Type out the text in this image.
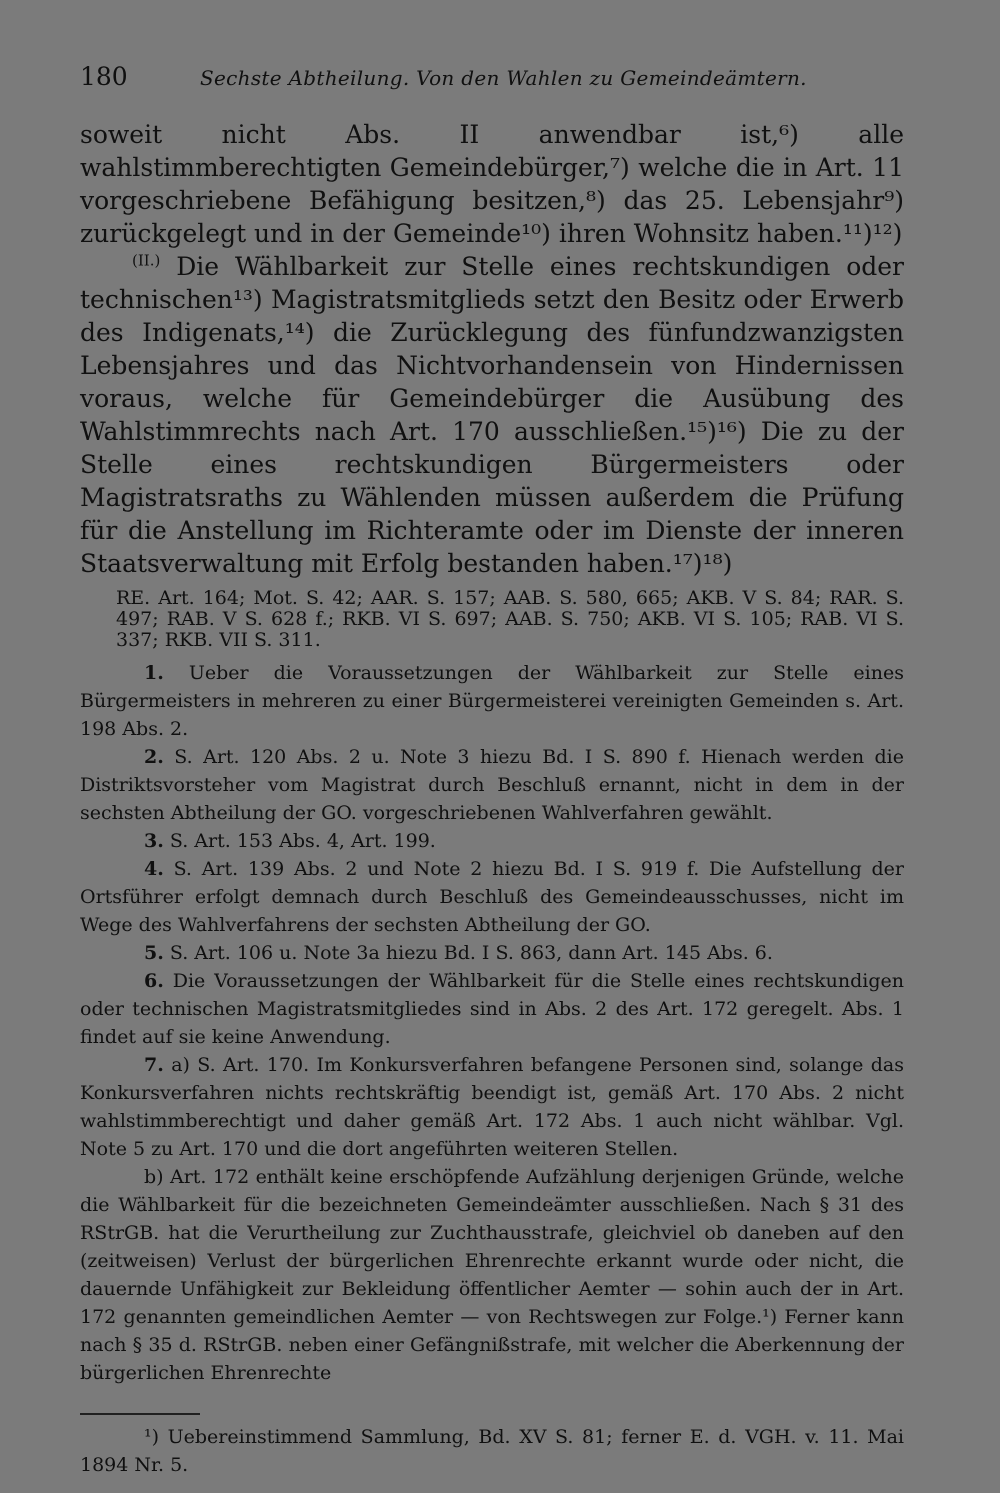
180	Sechste Abtheilung. Von den Wahlen zu Gemeindeämtern.

soweit nicht Abs. II anwendbar ist,⁶) alle wahlstimmberechtigten Gemeindebürger,⁷) welche die in Art. 11 vorgeschriebene Befähigung besitzen,⁸) das 25. Lebensjahr⁹) zurückgelegt und in der Gemeinde¹⁰) ihren Wohnsitz haben.¹¹)¹²)

$^{(II.)}$ Die Wählbarkeit zur Stelle eines rechtskundigen oder technischen¹³) Magistratsmitglieds setzt den Besitz oder Erwerb des Indigenats,¹⁴) die Zurücklegung des fünfundzwanzigsten Lebensjahres und das Nichtvorhandensein von Hindernissen voraus, welche für Gemeindebürger die Ausübung des Wahlstimmrechts nach Art. 170 ausschließen.¹⁵)¹⁶) Die zu der Stelle eines rechtskundigen Bürgermeisters oder Magistratsraths zu Wählenden müssen außerdem die Prüfung für die Anstellung im Richteramte oder im Dienste der inneren Staatsverwaltung mit Erfolg bestanden haben.¹⁷)¹⁸)

RE. Art. 164; Mot. S. 42; AAR. S. 157; AAB. S. 580, 665; AKB. V S. 84; RAR. S. 497; RAB. V S. 628 f.; RKB. VI S. 697; AAB. S. 750; AKB. VI S. 105; RAB. VI S. 337; RKB. VII S. 311.

1. Ueber die Voraussetzungen der Wählbarkeit zur Stelle eines Bürgermeisters in mehreren zu einer Bürgermeisterei vereinigten Gemeinden s. Art. 198 Abs. 2.

2. S. Art. 120 Abs. 2 u. Note 3 hiezu Bd. I S. 890 f. Hienach werden die Distriktsvorsteher vom Magistrat durch Beschluß ernannt, nicht in dem in der sechsten Abtheilung der GO. vorgeschriebenen Wahlverfahren gewählt.

3. S. Art. 153 Abs. 4, Art. 199.

4. S. Art. 139 Abs. 2 und Note 2 hiezu Bd. I S. 919 f. Die Aufstellung der Ortsführer erfolgt demnach durch Beschluß des Gemeindeausschusses, nicht im Wege des Wahlverfahrens der sechsten Abtheilung der GO.

5. S. Art. 106 u. Note 3a hiezu Bd. I S. 863, dann Art. 145 Abs. 6.

6. Die Voraussetzungen der Wählbarkeit für die Stelle eines rechtskundigen oder technischen Magistratsmitgliedes sind in Abs. 2 des Art. 172 geregelt. Abs. 1 findet auf sie keine Anwendung.

7. a) S. Art. 170. Im Konkursverfahren befangene Personen sind, solange das Konkursverfahren nichts rechtskräftig beendigt ist, gemäß Art. 170 Abs. 2 nicht wahlstimmberechtigt und daher gemäß Art. 172 Abs. 1 auch nicht wählbar. Vgl. Note 5 zu Art. 170 und die dort angeführten weiteren Stellen.

b) Art. 172 enthält keine erschöpfende Aufzählung derjenigen Gründe, welche die Wählbarkeit für die bezeichneten Gemeindeämter ausschließen. Nach § 31 des RStrGB. hat die Verurtheilung zur Zuchthausstrafe, gleichviel ob daneben auf den (zeitweisen) Verlust der bürgerlichen Ehrenrechte erkannt wurde oder nicht, die dauernde Unfähigkeit zur Bekleidung öffentlicher Aemter — sohin auch der in Art. 172 genannten gemeindlichen Aemter — von Rechtswegen zur Folge.¹) Ferner kann nach § 35 d. RStrGB. neben einer Gefängnißstrafe, mit welcher die Aberkennung der bürgerlichen Ehrenrechte

¹) Uebereinstimmend Sammlung, Bd. XV S. 81; ferner E. d. VGH. v. 11. Mai 1894 Nr. 5.
